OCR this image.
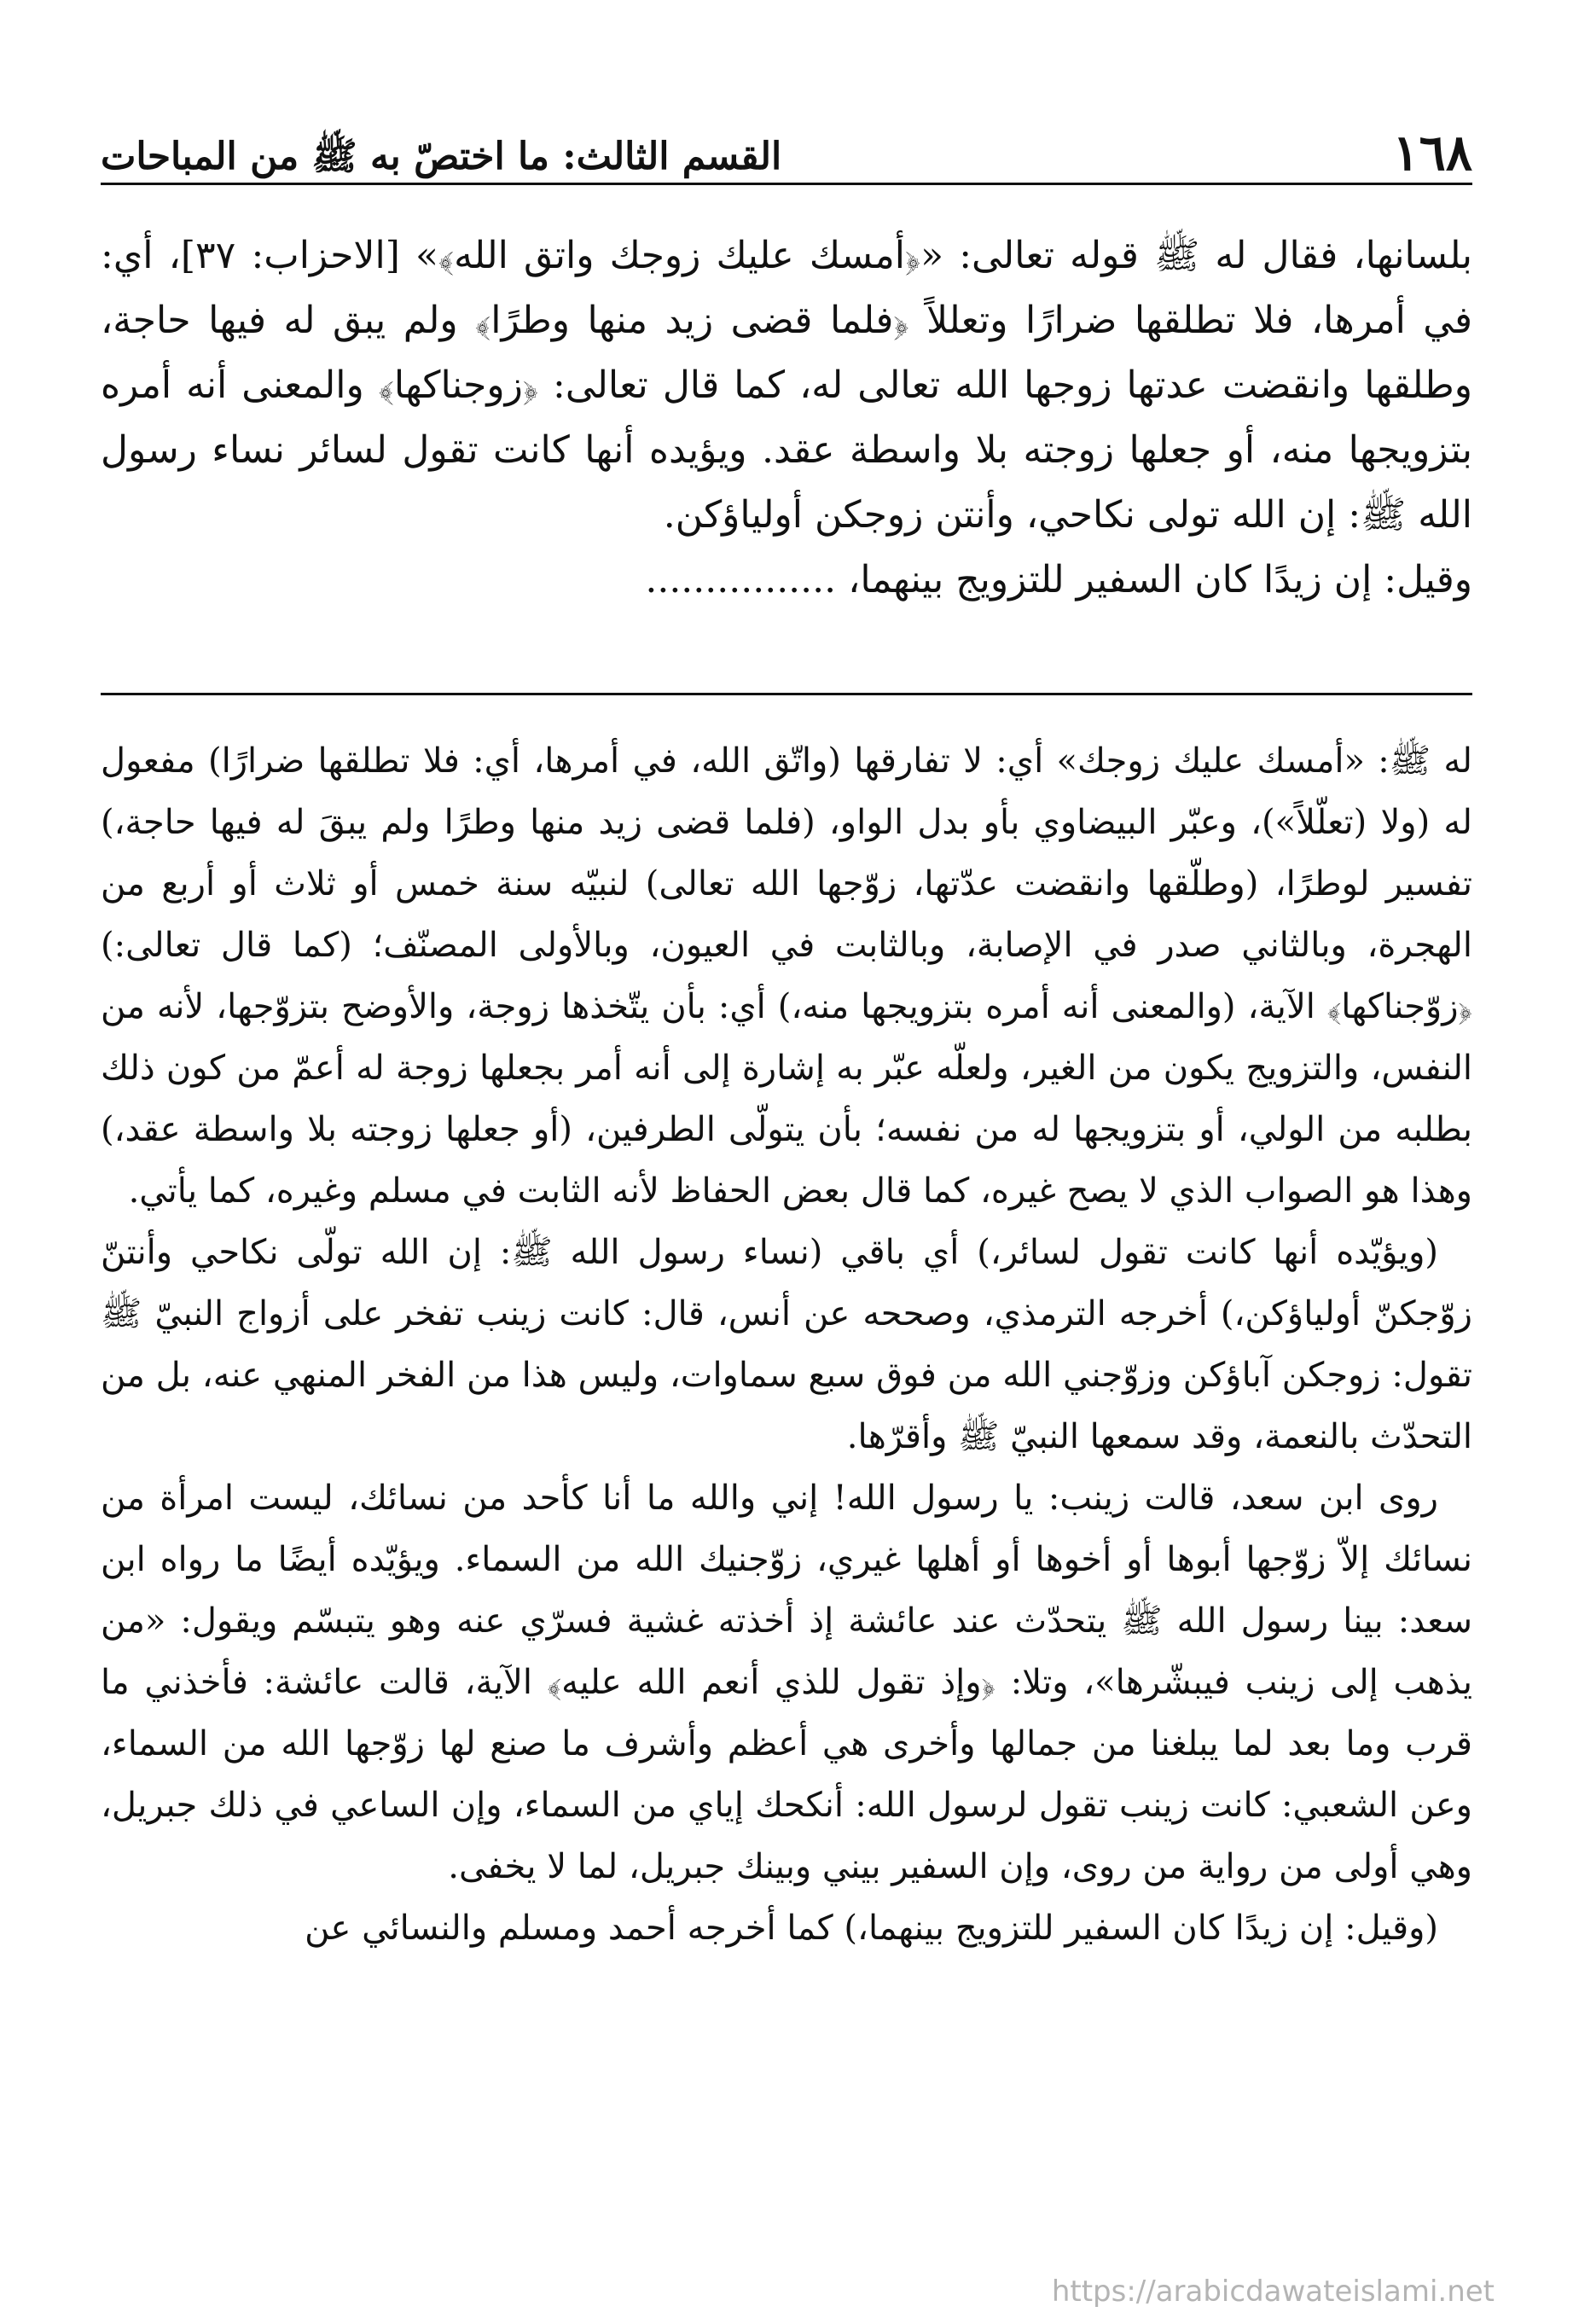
١٦٨
القسم الثالث: ما اختصّ به ﷺ من المباحات

بلسانها، فقال له ﷺ قوله تعالى: «﴿أمسك عليك زوجك واتق الله﴾» [الاحزاب: ٣٧]، أي: في أمرها، فلا تطلقها ضرارًا وتعللاً ﴿فلما قضى زيد منها وطرًا﴾ ولم يبق له فيها حاجة، وطلقها وانقضت عدتها زوجها الله تعالى له، كما قال تعالى: ﴿زوجناكها﴾ والمعنى أنه أمره بتزويجها منه، أو جعلها زوجته بلا واسطة عقد. ويؤيده أنها كانت تقول لسائر نساء رسول الله ﷺ: إن الله تولى نكاحي، وأنتن زوجكن أولياؤكن.

وقيل: إن زيدًا كان السفير للتزويج بينهما، ................

له ﷺ: «أمسك عليك زوجك» أي: لا تفارقها (واتّق الله، في أمرها، أي: فلا تطلقها ضرارًا) مفعول له (ولا (تعلّلاً»)، وعبّر البيضاوي بأو بدل الواو، (فلما قضى زيد منها وطرًا ولم يبقَ له فيها حاجة،) تفسير لوطرًا، (وطلّقها وانقضت عدّتها، زوّجها الله تعالى) لنبيّه سنة خمس أو ثلاث أو أربع من الهجرة، وبالثاني صدر في الإصابة، وبالثابت في العيون، وبالأولى المصنّف؛ (كما قال تعالى:) ﴿زوّجناكها﴾ الآية، (والمعنى أنه أمره بتزويجها منه،) أي: بأن يتّخذها زوجة، والأوضح بتزوّجها، لأنه من النفس، والتزويج يكون من الغير، ولعلّه عبّر به إشارة إلى أنه أمر بجعلها زوجة له أعمّ من كون ذلك بطلبه من الولي، أو بتزويجها له من نفسه؛ بأن يتولّى الطرفين، (أو جعلها زوجته بلا واسطة عقد،) وهذا هو الصواب الذي لا يصح غيره، كما قال بعض الحفاظ لأنه الثابت في مسلم وغيره، كما يأتي.

(ويؤيّده أنها كانت تقول لسائر،) أي باقي (نساء رسول الله ﷺ: إن الله تولّى نكاحي وأنتنّ زوّجكنّ أولياؤكن،) أخرجه الترمذي، وصححه عن أنس، قال: كانت زينب تفخر على أزواج النبيّ ﷺ تقول: زوجكن آباؤكن وزوّجني الله من فوق سبع سماوات، وليس هذا من الفخر المنهي عنه، بل من التحدّث بالنعمة، وقد سمعها النبيّ ﷺ وأقرّها.

روى ابن سعد، قالت زينب: يا رسول الله! إني والله ما أنا كأحد من نسائك، ليست امرأة من نسائك إلاّ زوّجها أبوها أو أخوها أو أهلها غيري، زوّجنيك الله من السماء. ويؤيّده أيضًا ما رواه ابن سعد: بينا رسول الله ﷺ يتحدّث عند عائشة إذ أخذته غشية فسرّي عنه وهو يتبسّم ويقول: «من يذهب إلى زينب فيبشّرها»، وتلا: ﴿وإذ تقول للذي أنعم الله عليه﴾ الآية، قالت عائشة: فأخذني ما قرب وما بعد لما يبلغنا من جمالها وأخرى هي أعظم وأشرف ما صنع لها زوّجها الله من السماء، وعن الشعبي: كانت زينب تقول لرسول الله: أنكحك إياي من السماء، وإن الساعي في ذلك جبريل، وهي أولى من رواية من روى، وإن السفير بيني وبينك جبريل، لما لا يخفى.

(وقيل: إن زيدًا كان السفير للتزويج بينهما،) كما أخرجه أحمد ومسلم والنسائي عن

https://arabicdawateislami.net
